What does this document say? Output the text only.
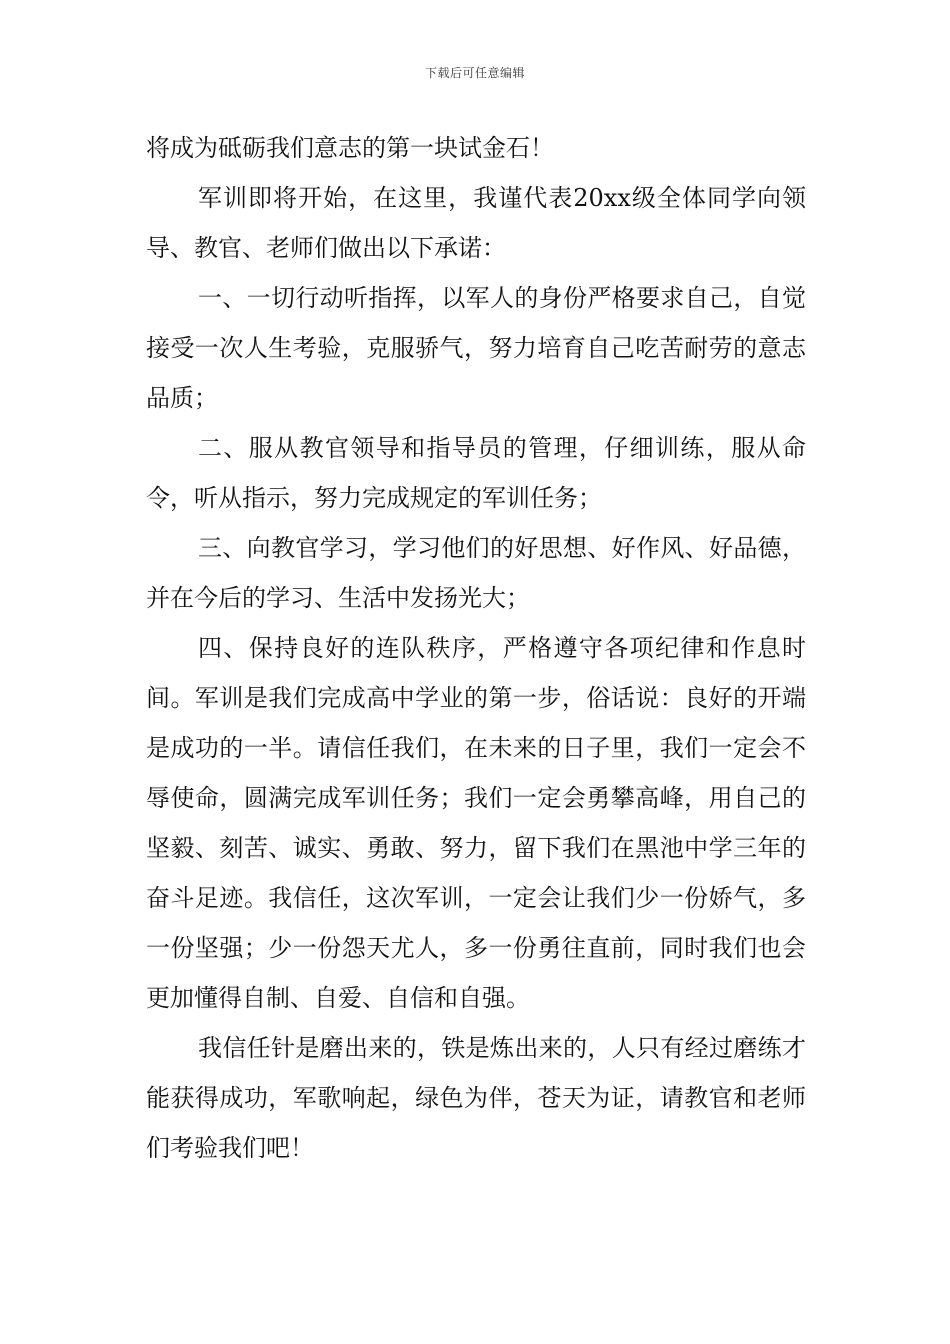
下载后可任意编辑

将成为砥砺我们意志的第一块试金石！

军训即将开始，在这里，我谨代表20xx级全体同学向领导、教官、老师们做出以下承诺：

一、一切行动听指挥，以军人的身份严格要求自己，自觉接受一次人生考验，克服骄气，努力培育自己吃苦耐劳的意志品质；

二、服从教官领导和指导员的管理，仔细训练，服从命令，听从指示，努力完成规定的军训任务；

三、向教官学习，学习他们的好思想、好作风、好品德，并在今后的学习、生活中发扬光大；

四、保持良好的连队秩序，严格遵守各项纪律和作息时间。军训是我们完成高中学业的第一步，俗话说：良好的开端是成功的一半。请信任我们，在未来的日子里，我们一定会不辱使命，圆满完成军训任务；我们一定会勇攀高峰，用自己的坚毅、刻苦、诚实、勇敢、努力，留下我们在黑池中学三年的奋斗足迹。我信任，这次军训，一定会让我们少一份娇气，多一份坚强；少一份怨天尤人，多一份勇往直前，同时我们也会更加懂得自制、自爱、自信和自强。

我信任针是磨出来的，铁是炼出来的，人只有经过磨练才能获得成功，军歌响起，绿色为伴，苍天为证，请教官和老师们考验我们吧！
